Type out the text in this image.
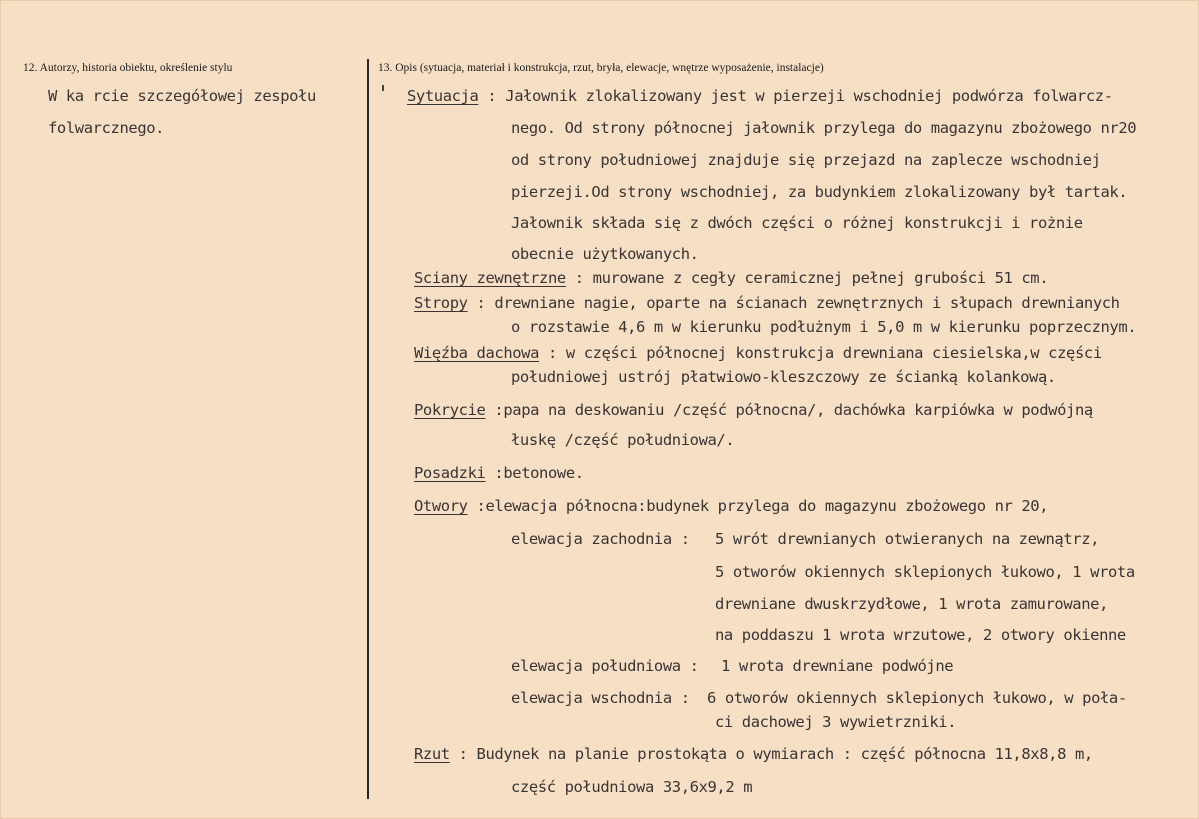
12. Autorzy, historia obiektu, określenie stylu
W ka rcie szczegółowej zespołu
folwarcznego.
13. Opis (sytuacja, materiał i konstrukcja, rzut, bryła, elewacje, wnętrze wyposażenie, instalacje)
Sytuacja : Jałownik zlokalizowany jest w pierzeji wschodniej podwórza folwarcz-
nego. Od strony północnej jałownik przylega do magazynu zbożowego nr20
od strony południowej znajduje się przejazd na zaplecze wschodniej
pierzeji.Od strony wschodniej, za budynkiem zlokalizowany był tartak.
Jałownik składa się z dwóch części o różnej konstrukcji i rożnie
obecnie użytkowanych.
Sciany zewnętrzne : murowane z cegły ceramicznej pełnej grubości 51 cm.
Stropy : drewniane nagie, oparte na ścianach zewnętrznych i słupach drewnianych
o rozstawie 4,6 m w kierunku podłużnym i 5,0 m w kierunku poprzecznym.
Więźba dachowa : w części północnej konstrukcja drewniana ciesielska,w części
południowej ustrój płatwiowo-kleszczowy ze ścianką kolankową.
Pokrycie :papa na deskowaniu /część północna/, dachówka karpiówka w podwójną
łuskę /część południowa/.
Posadzki :betonowe.
Otwory :elewacja północna:budynek przylega do magazynu zbożowego nr 20,
elewacja zachodnia : 5 wrót drewnianych otwieranych na zewnątrz,
5 otworów okiennych sklepionych łukowo, 1 wrota
drewniane dwuskrzydłowe, 1 wrota zamurowane,
na poddaszu 1 wrota wrzutowe, 2 otwory okienne
elewacja południowa : 1 wrota drewniane podwójne
elewacja wschodnia : 6 otworów okiennych sklepionych łukowo, w poła-
ci dachowej 3 wywietrzniki.
Rzut : Budynek na planie prostokąta o wymiarach : część północna 11,8x8,8 m,
część południowa 33,6x9,2 m
